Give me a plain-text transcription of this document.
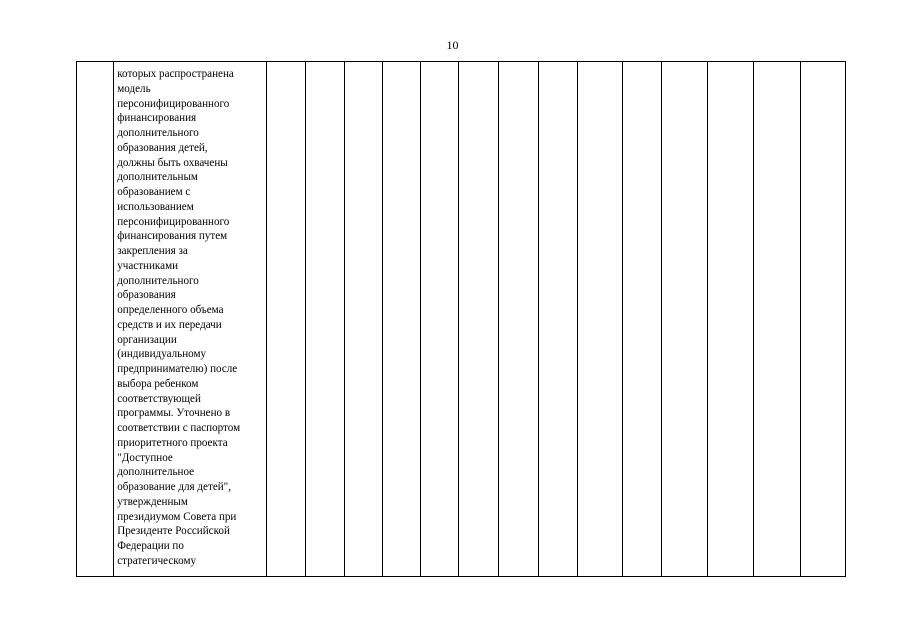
10

которых распространена
модель
персонифицированного
финансирования
дополнительного
образования детей,
должны быть охвачены
дополнительным
образованием с
использованием
персонифицированного
финансирования путем
закрепления за
участниками
дополнительного
образования
определенного объема
средств и их передачи
организации
(индивидуальному
предпринимателю) после
выбора ребенком
соответствующей
программы. Уточнено в
соответствии с паспортом
приоритетного проекта
"Доступное
дополнительное
образование для детей",
утвержденным
президиумом Совета при
Президенте Российской
Федерации по
стратегическому
